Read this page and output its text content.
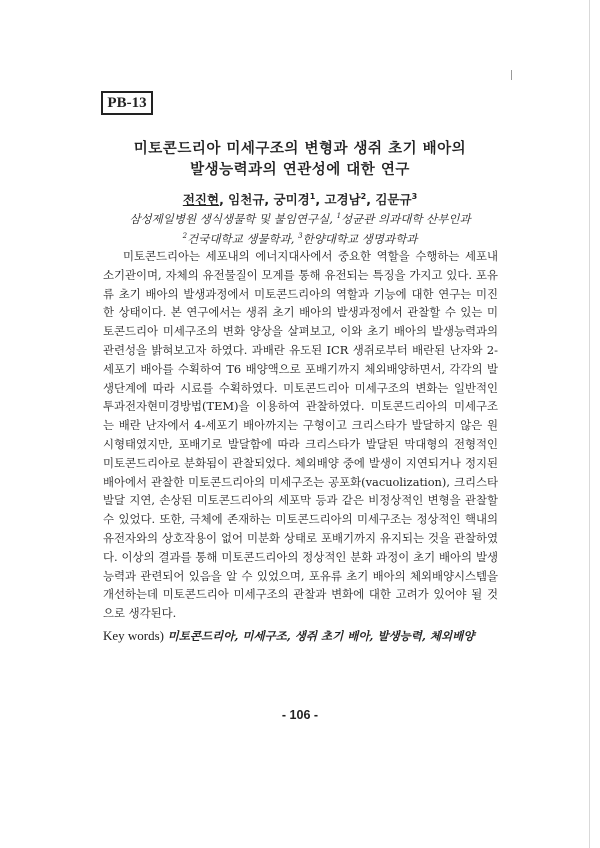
PB-13
미토콘드리아 미세구조의 변형과 생쥐 초기 배아의
발생능력과의 연관성에 대한 연구
전진현, 임천규, 궁미경$^1$, 고경남$^2$, 김문규$^3$
삼성제일병원 생식생물학 및 불임연구실, $^1$성균관 의과대학 산부인과
$^2$건국대학교 생물학과, $^3$한양대학교 생명과학과

미토콘드리아는 세포내의 에너지대사에서 중요한 역할을 수행하는 세포내 소기관이며, 자체의 유전물질이 모계를 통해 유전되는 특징을 가지고 있다. 포유류 초기 배아의 발생과정에서 미토콘드리아의 역할과 기능에 대한 연구는 미진한 상태이다. 본 연구에서는 생쥐 초기 배아의 발생과정에서 관찰할 수 있는 미토콘드리아 미세구조의 변화 양상을 살펴보고, 이와 초기 배아의 발생능력과의 관련성을 밝혀보고자 하였다. 과배란 유도된 ICR 생쥐로부터 배란된 난자와 2-세포기 배아를 수획하여 T6 배양액으로 포배기까지 체외배양하면서, 각각의 발생단계에 따라 시료를 수획하였다. 미토콘드리아 미세구조의 변화는 일반적인 투과전자현미경방법(TEM)을 이용하여 관찰하였다. 미토콘드리아의 미세구조는 배란 난자에서 4-세포기 배아까지는 구형이고 크리스타가 발달하지 않은 원시형태였지만, 포배기로 발달함에 따라 크리스타가 발달된 막대형의 전형적인 미토콘드리아로 분화됨이 관찰되었다. 체외배양 중에 발생이 지연되거나 정지된 배아에서 관찰한 미토콘드리아의 미세구조는 공포화(vacuolization), 크리스타 발달 지연, 손상된 미토콘드리아의 세포막 등과 같은 비정상적인 변형을 관찰할 수 있었다. 또한, 극체에 존재하는 미토콘드리아의 미세구조는 정상적인 핵내의 유전자와의 상호작용이 없어 미분화 상태로 포배기까지 유지되는 것을 관찰하였다. 이상의 결과를 통해 미토콘드리아의 정상적인 분화 과정이 초기 배아의 발생능력과 관련되어 있음을 알 수 있었으며, 포유류 초기 배아의 체외배양시스템을 개선하는데 미토콘드리아 미세구조의 관찰과 변화에 대한 고려가 있어야 될 것으로 생각된다.

Key words) 미토콘드리아, 미세구조, 생쥐 초기 배아, 발생능력, 체외배양
- 106 -
